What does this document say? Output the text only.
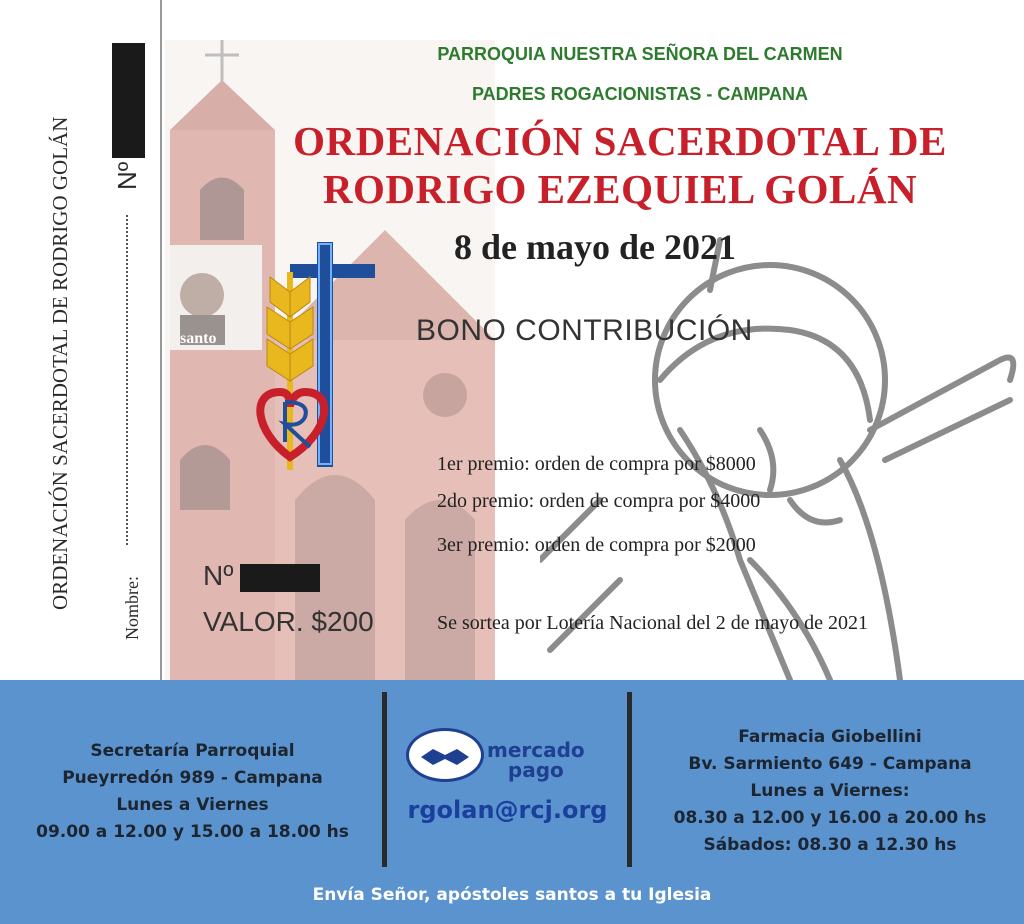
santo
ORDENACIÓN SACERDOTAL DE RODRIGO GOLÁN	Nombre:
Nº
PARROQUIA NUESTRA SEÑORA DEL CARMEN
PADRES ROGACIONISTAS - CAMPANA
ORDENACIÓN SACERDOTAL DE
RODRIGO EZEQUIEL GOLÁN
8 de mayo de 2021
BONO CONTRIBUCIÓN
1er premio: orden de compra por $8000
2do premio: orden de compra por $4000
3er premio: orden de compra por $2000
Nº
VALOR. $200	Se sortea por Lotería Nacional del 2 de mayo de 2021
Secretaría Parroquial
Pueyrredón 989 - Campana
Lunes a Viernes
09.00 a 12.00 y 15.00 a 18.00 hs
mercado
pago
rgolan@rcj.org
Farmacia Giobellini
Bv. Sarmiento 649 - Campana
Lunes a Viernes:
08.30 a 12.00 y 16.00 a 20.00 hs
Sábados: 08.30 a 12.30 hs
Envía Señor, apóstoles santos a tu Iglesia
